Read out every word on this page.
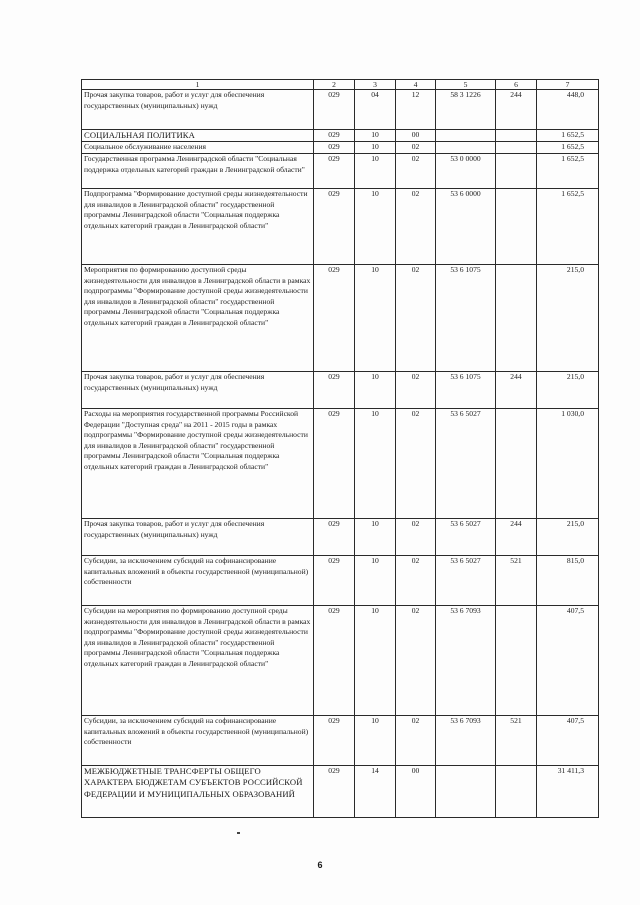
1	2	3	4	5	6	7
Прочая закупка товаров, работ и услуг для обеспечения государственных (муниципальных) нужд	029	04	12	58 3 1226	244	448,0
СОЦИАЛЬНАЯ ПОЛИТИКА	029	10	00			1 652,5
Социальное обслуживание населения	029	10	02			1 652,5
Государственная программа Ленинградской области "Социальная поддержка отдельных категорий граждан в Ленинградской области"	029	10	02	53 0 0000		1 652,5
Подпрограмма "Формирование доступной среды жизнедеятельности для инвалидов в Ленинградской области" государственной программы Ленинградской области "Социальная поддержка отдельных категорий граждан в Ленинградской области"	029	10	02	53 6 0000		1 652,5
Мероприятия по формированию доступной среды жизнедеятельности для инвалидов в Ленинградской области в рамках подпрограммы "Формирование доступной среды жизнедеятельности для инвалидов в Ленинградской области" государственной программы Ленинградской области "Социальная поддержка отдельных категорий граждан в Ленинградской области"	029	10	02	53 6 1075		215,0
Прочая закупка товаров, работ и услуг для обеспечения государственных (муниципальных) нужд	029	10	02	53 6 1075	244	215,0
Расходы на мероприятия государственной программы Российской Федерации "Доступная среда" на 2011 - 2015 годы в рамках подпрограммы "Формирование доступной среды жизнедеятельности для инвалидов в Ленинградской области" государственной программы Ленинградской области "Социальная поддержка отдельных категорий граждан в Ленинградской области"	029	10	02	53 6 5027		1 030,0
Прочая закупка товаров, работ и услуг для обеспечения государственных (муниципальных) нужд	029	10	02	53 6 5027	244	215,0
Субсидии, за исключением субсидий на софинансирование капитальных вложений в объекты государственной (муниципальной) собственности	029	10	02	53 6 5027	521	815,0
Субсидии на мероприятия по формированию доступной среды жизнедеятельности для инвалидов в Ленинградской области в рамках подпрограммы "Формирование доступной среды жизнедеятельности для инвалидов в Ленинградской области" государственной программы Ленинградской области "Социальная поддержка отдельных категорий граждан в Ленинградской области"	029	10	02	53 6 7093		407,5
Субсидии, за исключением субсидий на софинансирование капитальных вложений в объекты государственной (муниципальной) собственности	029	10	02	53 6 7093	521	407,5
МЕЖБЮДЖЕТНЫЕ ТРАНСФЕРТЫ ОБЩЕГО ХАРАКТЕРА БЮДЖЕТАМ СУБЪЕКТОВ РОССИЙСКОЙ ФЕДЕРАЦИИ И МУНИЦИПАЛЬНЫХ ОБРАЗОВАНИЙ	029	14	00			31 411,3
6
